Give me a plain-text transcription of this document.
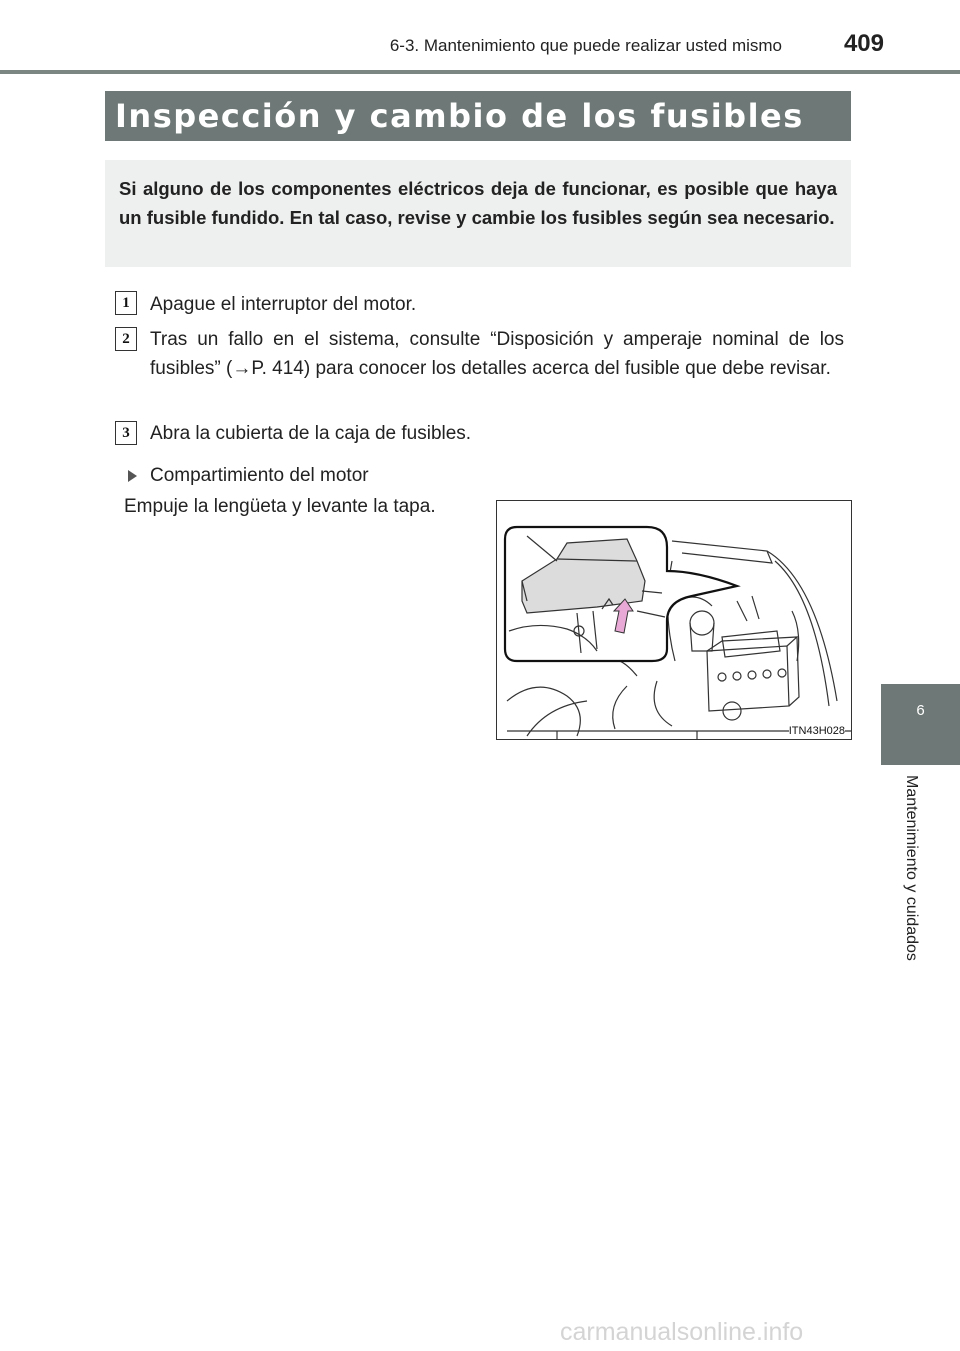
6-3. Mantenimiento que puede realizar usted mismo	409
Inspección y cambio de los fusibles
Si alguno de los componentes eléctricos deja de funcionar, es posible que haya un fusible fundido. En tal caso, revise y cambie los fusibles según sea necesario.
1	Apague el interruptor del motor.
2	Tras un fallo en el sistema, consulte “Disposición y amperaje nominal de los fusibles” (→P. 414) para conocer los detalles acerca del fusible que debe revisar.
3	Abra la cubierta de la caja de fusibles.
Compartimiento del motor
Empuje la lengüeta y levante la tapa.
ITN43H028
6
Mantenimiento y cuidados
carmanualsonline.info
